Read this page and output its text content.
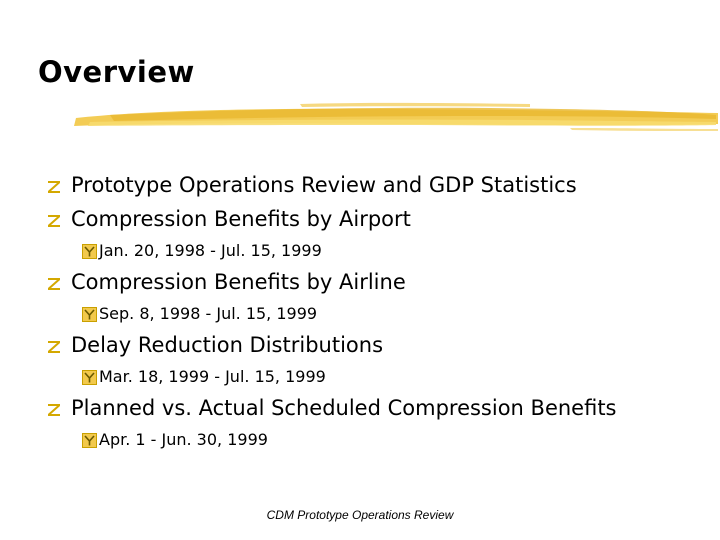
Overview
Prototype Operations Review and GDP Statistics
Compression Benefits by Airport
Jan. 20, 1998 - Jul. 15, 1999
Compression Benefits by Airline
Sep. 8, 1998 - Jul. 15, 1999
Delay Reduction Distributions
Mar. 18, 1999 - Jul. 15, 1999
Planned vs. Actual Scheduled Compression Benefits
Apr. 1 - Jun. 30, 1999
CDM Prototype Operations Review
